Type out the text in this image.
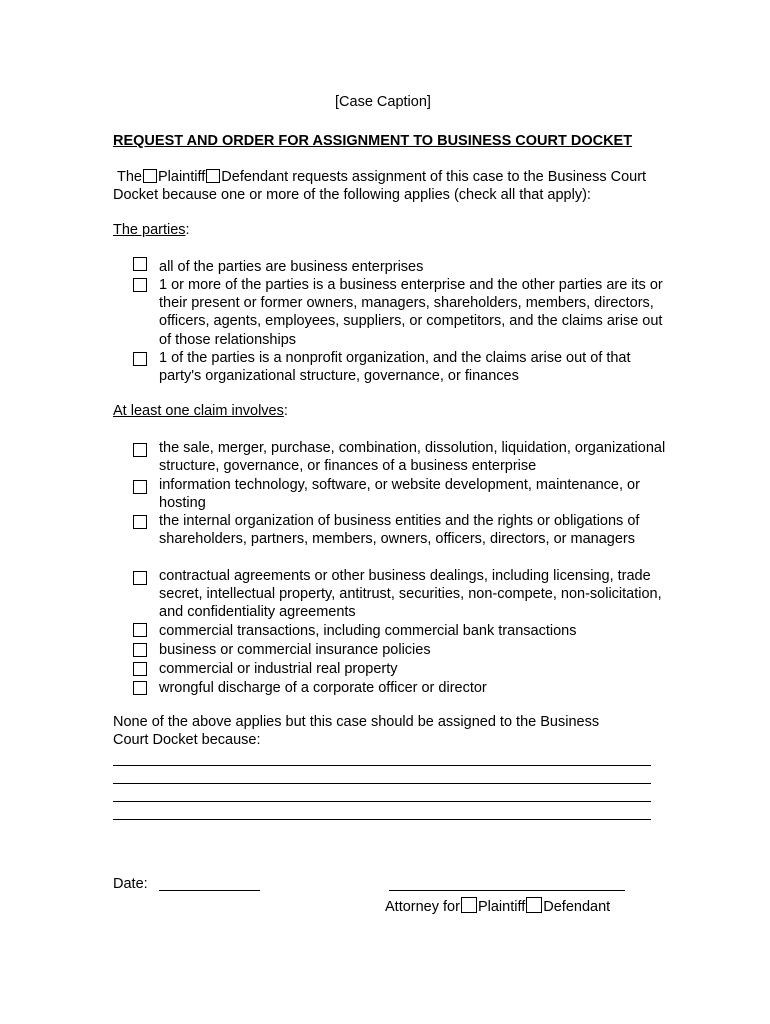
[Case Caption]
REQUEST AND ORDER FOR ASSIGNMENT TO BUSINESS COURT DOCKET
The Plaintiff Defendant requests assignment of this case to the Business Court
Docket because one or more of the following applies (check all that apply):
The parties:
all of the parties are business enterprises
1 or more of the parties is a business enterprise and the other parties are its or their present or former owners, managers, shareholders, members, directors, officers, agents, employees, suppliers, or competitors, and the claims arise out of those relationships
1 of the parties is a nonprofit organization, and the claims arise out of that party's organizational structure, governance, or finances
At least one claim involves:
the sale, merger, purchase, combination, dissolution, liquidation, organizational structure, governance, or finances of a business enterprise
information technology, software, or website development, maintenance, or hosting
the internal organization of business entities and the rights or obligations of shareholders, partners, members, owners, officers, directors, or managers
contractual agreements or other business dealings, including licensing, trade secret, intellectual property, antitrust, securities, non-compete, non-solicitation, and confidentiality agreements
commercial transactions, including commercial bank transactions
business or commercial insurance policies
commercial or industrial real property
wrongful discharge of a corporate officer or director
None of the above applies but this case should be assigned to the Business
Court Docket because:
Date:
Attorney for Plaintiff Defendant
